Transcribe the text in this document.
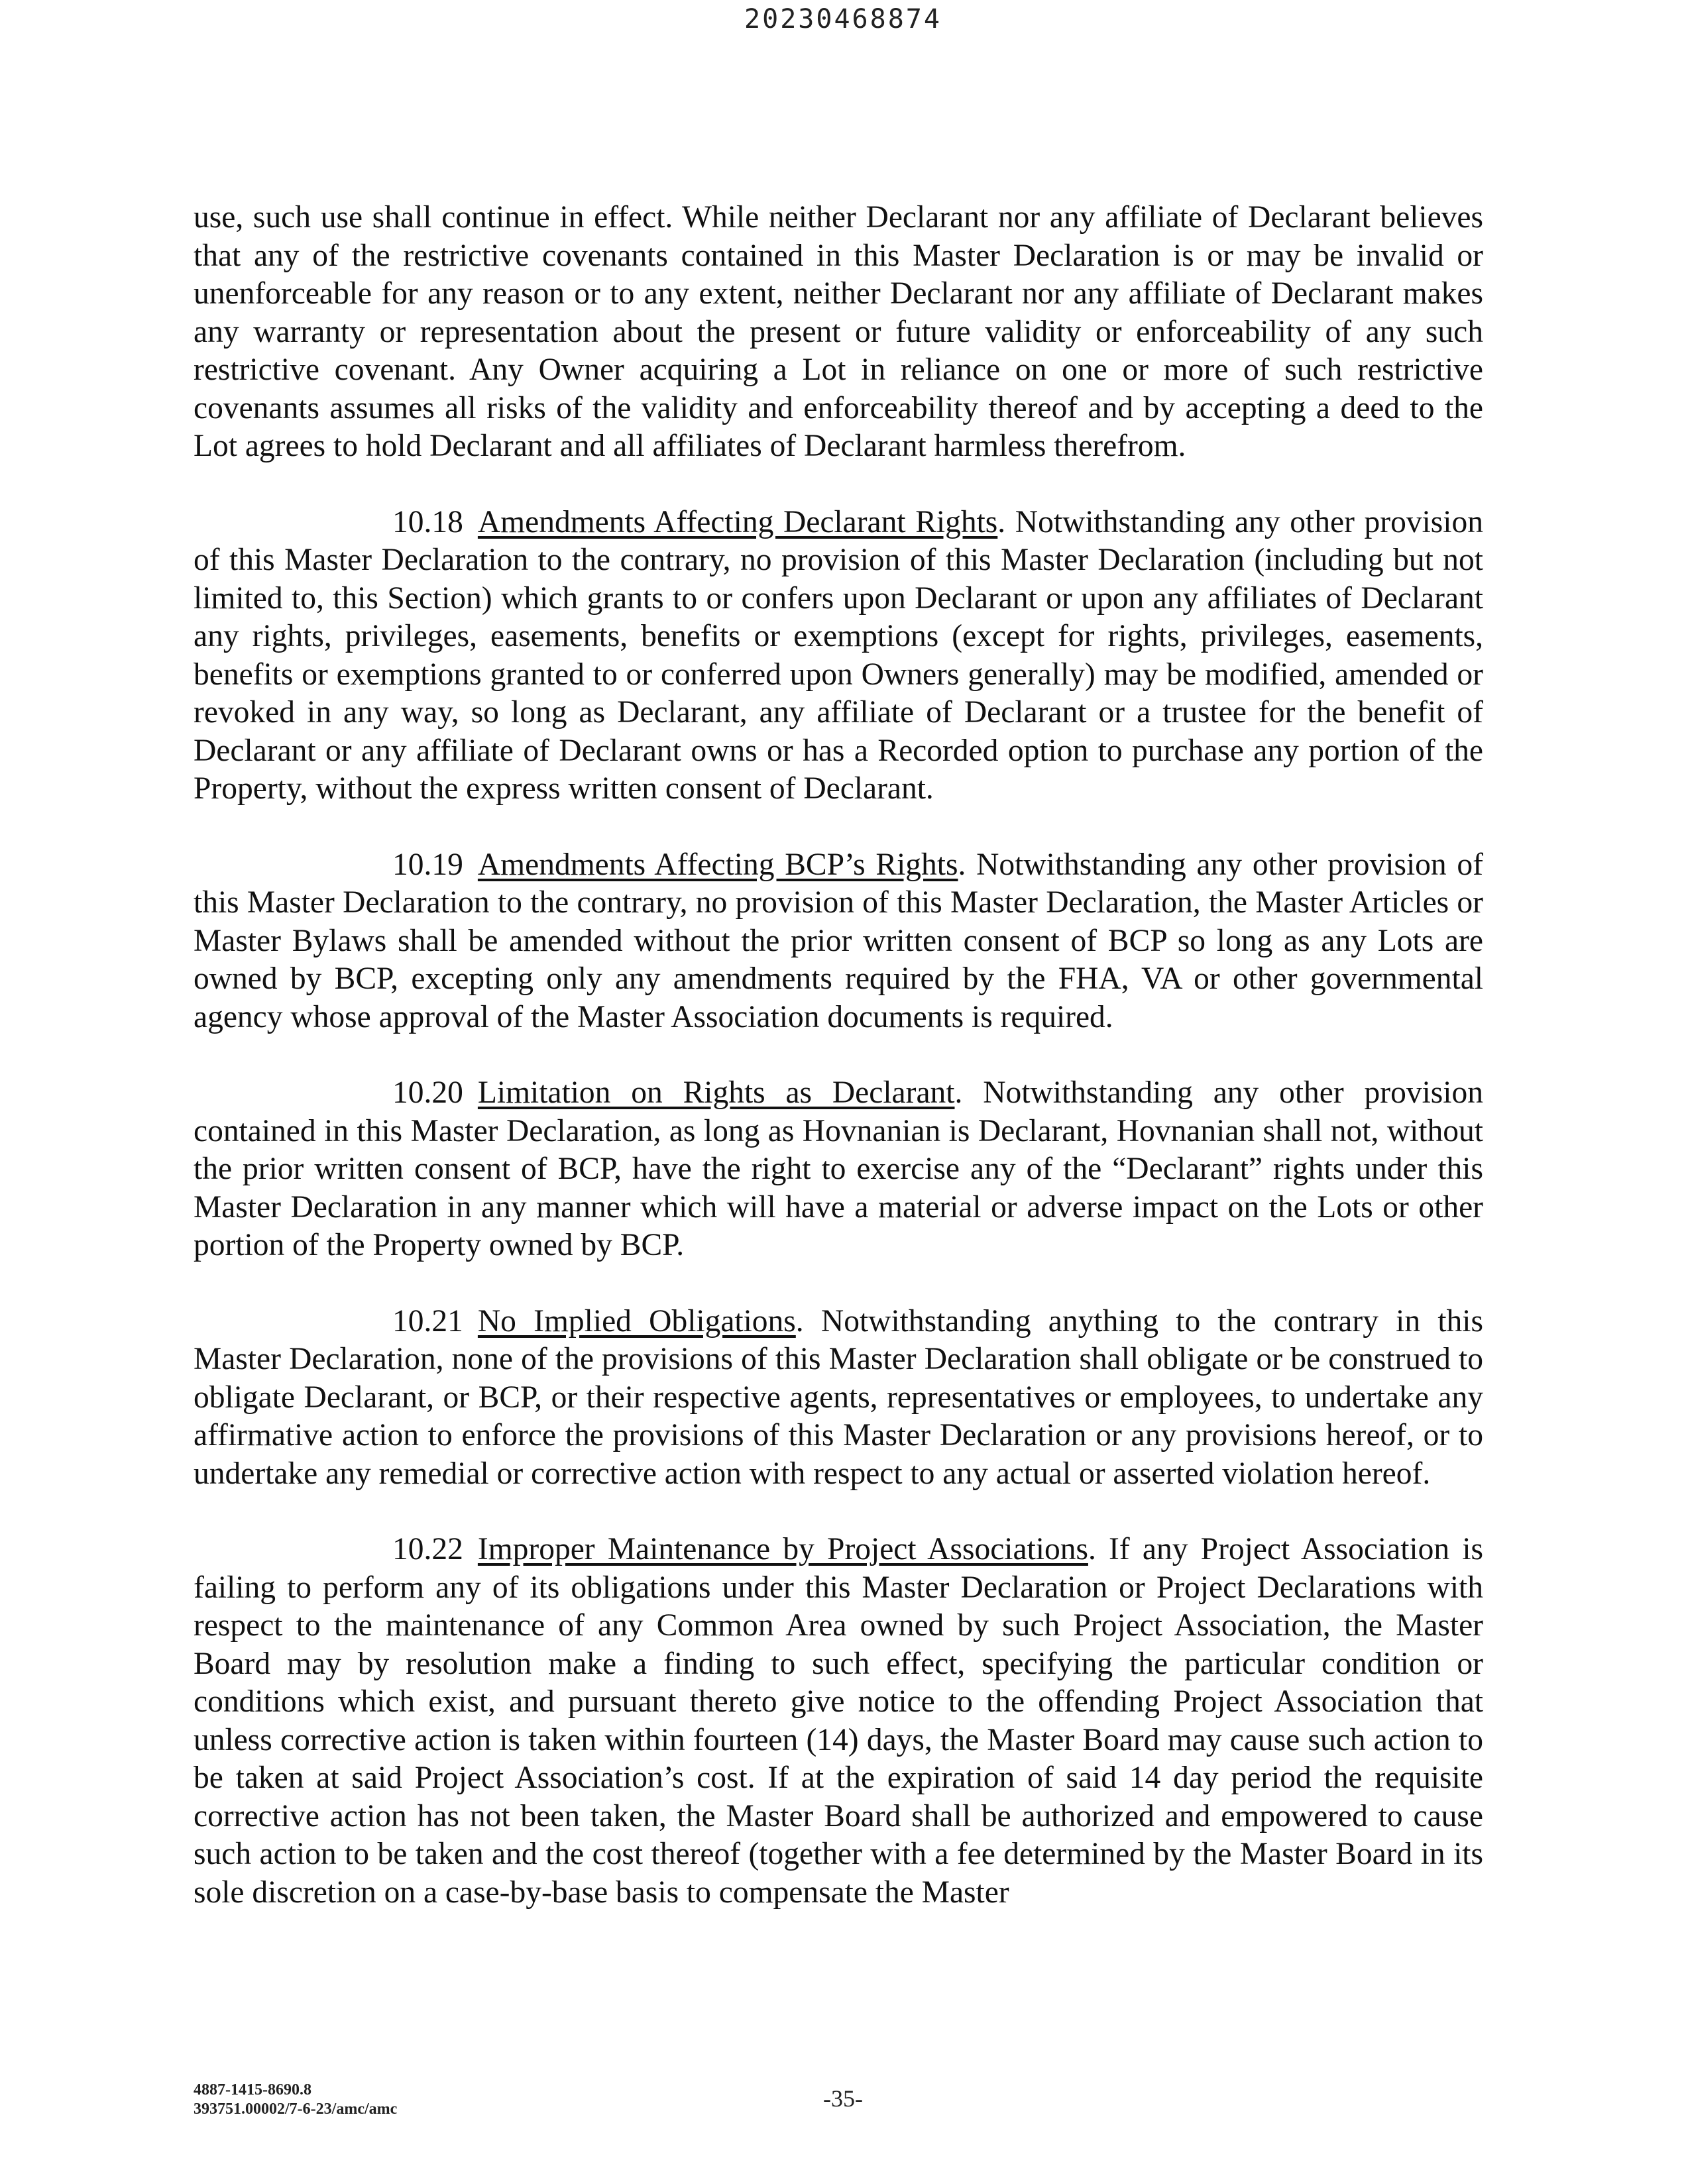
20230468874

use, such use shall continue in effect. While neither Declarant nor any affiliate of Declarant believes that any of the restrictive covenants contained in this Master Declaration is or may be invalid or unenforceable for any reason or to any extent, neither Declarant nor any affiliate of Declarant makes any warranty or representation about the present or future validity or enforceability of any such restrictive covenant. Any Owner acquiring a Lot in reliance on one or more of such restrictive covenants assumes all risks of the validity and enforceability thereof and by accepting a deed to the Lot agrees to hold Declarant and all affiliates of Declarant harmless therefrom.

10.18 Amendments Affecting Declarant Rights. Notwithstanding any other provision of this Master Declaration to the contrary, no provision of this Master Declaration (including but not limited to, this Section) which grants to or confers upon Declarant or upon any affiliates of Declarant any rights, privileges, easements, benefits or exemptions (except for rights, privileges, easements, benefits or exemptions granted to or conferred upon Owners generally) may be modified, amended or revoked in any way, so long as Declarant, any affiliate of Declarant or a trustee for the benefit of Declarant or any affiliate of Declarant owns or has a Recorded option to purchase any portion of the Property, without the express written consent of Declarant.

10.19 Amendments Affecting BCP’s Rights. Notwithstanding any other provision of this Master Declaration to the contrary, no provision of this Master Declaration, the Master Articles or Master Bylaws shall be amended without the prior written consent of BCP so long as any Lots are owned by BCP, excepting only any amendments required by the FHA, VA or other governmental agency whose approval of the Master Association documents is required.

10.20 Limitation on Rights as Declarant. Notwithstanding any other provision contained in this Master Declaration, as long as Hovnanian is Declarant, Hovnanian shall not, without the prior written consent of BCP, have the right to exercise any of the “Declarant” rights under this Master Declaration in any manner which will have a material or adverse impact on the Lots or other portion of the Property owned by BCP.

10.21 No Implied Obligations. Notwithstanding anything to the contrary in this Master Declaration, none of the provisions of this Master Declaration shall obligate or be construed to obligate Declarant, or BCP, or their respective agents, representatives or employees, to undertake any affirmative action to enforce the provisions of this Master Declaration or any provisions hereof, or to undertake any remedial or corrective action with respect to any actual or asserted violation hereof.

10.22 Improper Maintenance by Project Associations. If any Project Association is failing to perform any of its obligations under this Master Declaration or Project Declarations with respect to the maintenance of any Common Area owned by such Project Association, the Master Board may by resolution make a finding to such effect, specifying the particular condition or conditions which exist, and pursuant thereto give notice to the offending Project Association that unless corrective action is taken within fourteen (14) days, the Master Board may cause such action to be taken at said Project Association’s cost. If at the expiration of said 14 day period the requisite corrective action has not been taken, the Master Board shall be authorized and empowered to cause such action to be taken and the cost thereof (together with a fee determined by the Master Board in its sole discretion on a case-by-base basis to compensate the Master

4887-1415-8690.8
393751.00002/7-6-23/amc/amc	-35-
